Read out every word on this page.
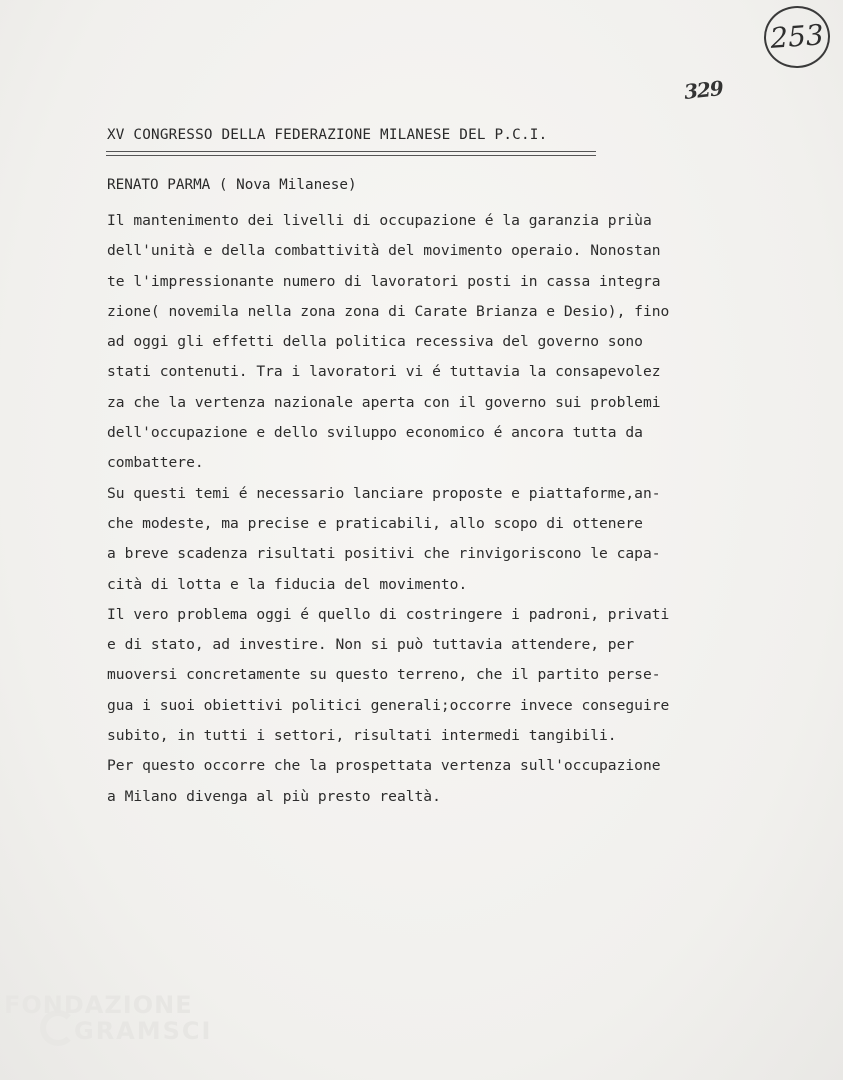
253
329
XV CONGRESSO DELLA FEDERAZIONE MILANESE DEL P.C.I.
RENATO PARMA ( Nova Milanese)
Il mantenimento dei livelli di occupazione é la garanzia priùa
dell'unità e della combattività del movimento operaio. Nonostan
te l'impressionante numero di lavoratori posti in cassa integra
zione( novemila nella zona zona di Carate Brianza e Desio), fino
ad oggi gli effetti della politica recessiva del governo sono
stati contenuti. Tra i lavoratori vi é tuttavia la consapevolez
za che la vertenza nazionale aperta con il governo sui problemi
dell'occupazione e dello sviluppo economico é ancora tutta da
combattere.
Su questi temi é necessario lanciare proposte e piattaforme,an-
che modeste, ma precise e praticabili, allo scopo di ottenere
a breve scadenza risultati positivi che rinvigoriscono le capa-
cità di lotta e la fiducia del movimento.
Il vero problema oggi é quello di costringere i padroni, privati
e di stato, ad investire. Non si può tuttavia attendere, per
muoversi concretamente su questo terreno, che il partito perse-
gua i suoi obiettivi politici generali;occorre invece conseguire
subito, in tutti i settori, risultati intermedi tangibili.
Per questo occorre che la prospettata vertenza sull'occupazione
a Milano divenga al più presto realtà.
FONDAZIONE
GRAMSCI
